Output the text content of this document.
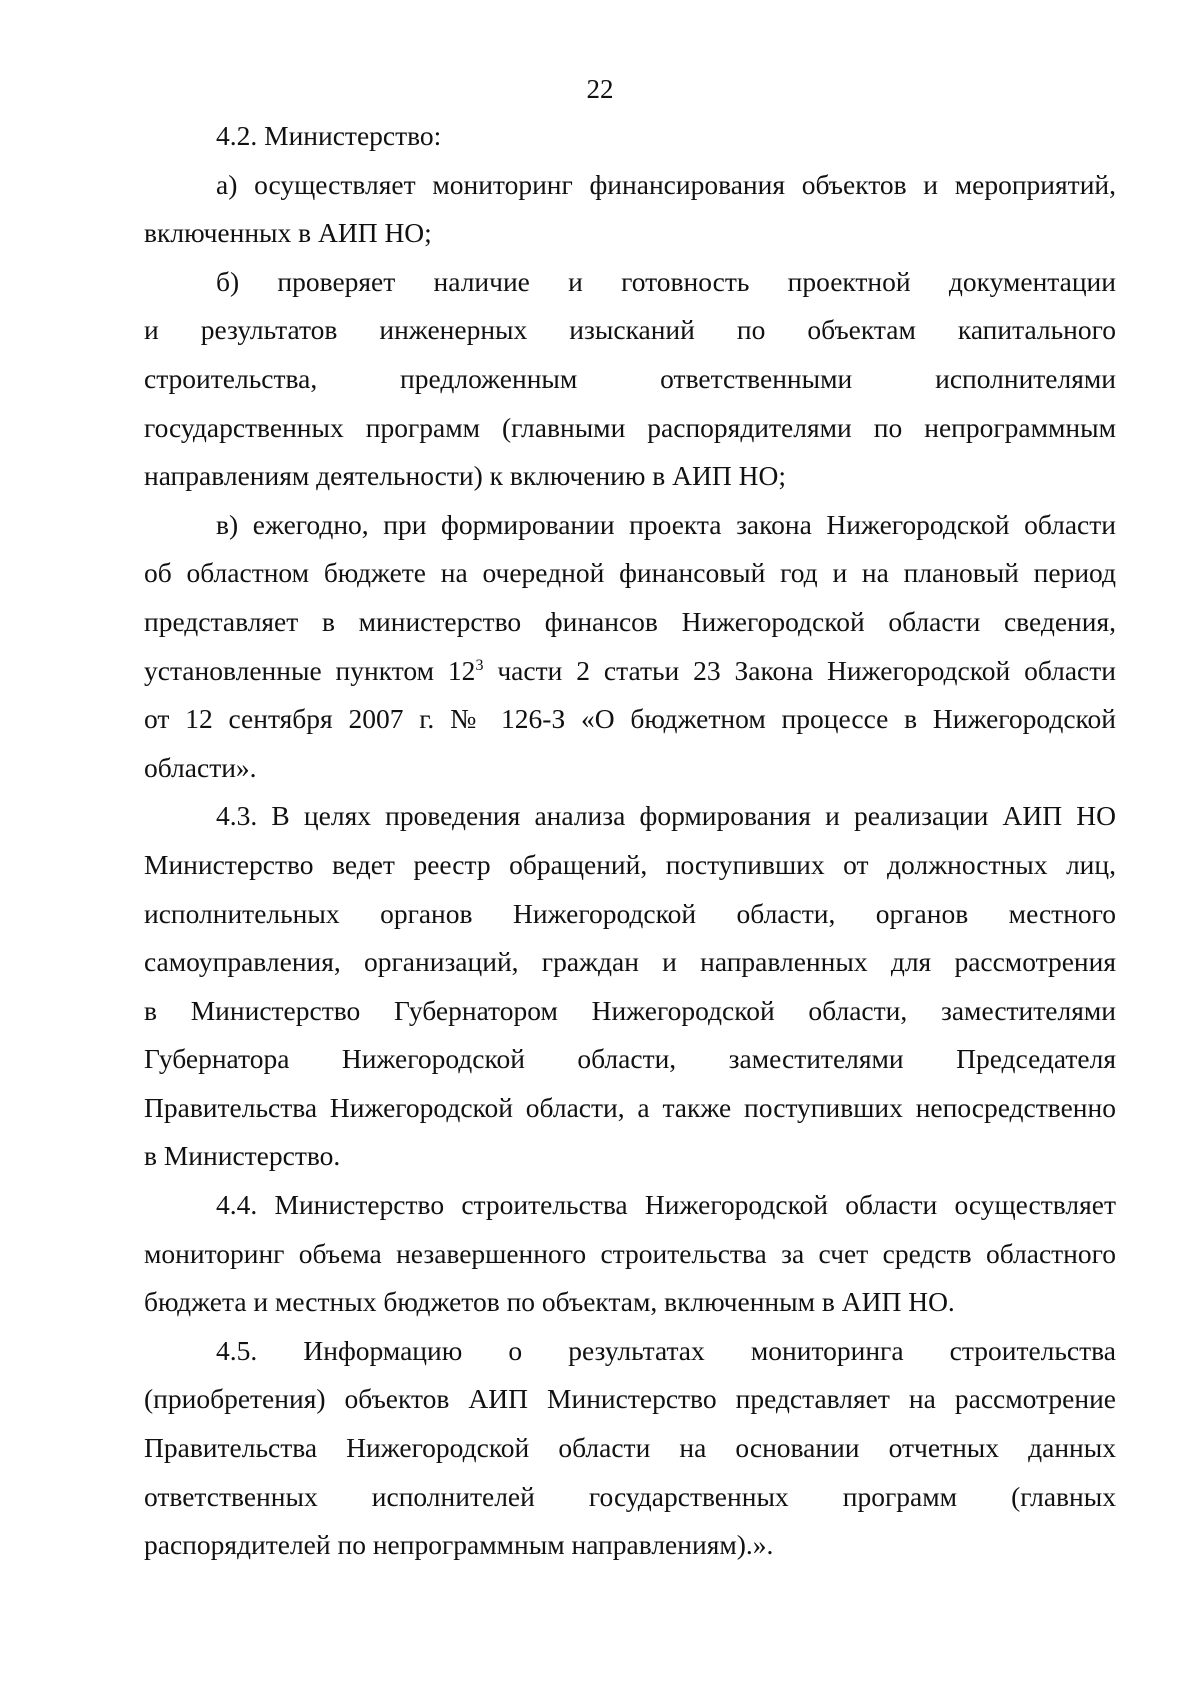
22

4.2. Министерство:

а) осуществляет мониторинг финансирования объектов и мероприятий,
включенных в АИП НО;

б) проверяет наличие и готовность проектной документации
и результатов инженерных изысканий по объектам капитального
строительства, предложенным ответственными исполнителями
государственных программ (главными распорядителями по непрограммным
направлениям деятельности) к включению в АИП НО;

в) ежегодно, при формировании проекта закона Нижегородской области
об областном бюджете на очередной финансовый год и на плановый период
представляет в министерство финансов Нижегородской области сведения,
установленные пунктом $12^3$ части 2 статьи 23 Закона Нижегородской области
от 12 сентября 2007 г. № 126-З «О бюджетном процессе в Нижегородской
области».

4.3. В целях проведения анализа формирования и реализации АИП НО
Министерство ведет реестр обращений, поступивших от должностных лиц,
исполнительных органов Нижегородской области, органов местного
самоуправления, организаций, граждан и направленных для рассмотрения
в Министерство Губернатором Нижегородской области, заместителями
Губернатора Нижегородской области, заместителями Председателя
Правительства Нижегородской области, а также поступивших непосредственно
в Министерство.

4.4. Министерство строительства Нижегородской области осуществляет
мониторинг объема незавершенного строительства за счет средств областного
бюджета и местных бюджетов по объектам, включенным в АИП НО.

4.5. Информацию о результатах мониторинга строительства
(приобретения) объектов АИП Министерство представляет на рассмотрение
Правительства Нижегородской области на основании отчетных данных
ответственных исполнителей государственных программ (главных
распорядителей по непрограммным направлениям).».
